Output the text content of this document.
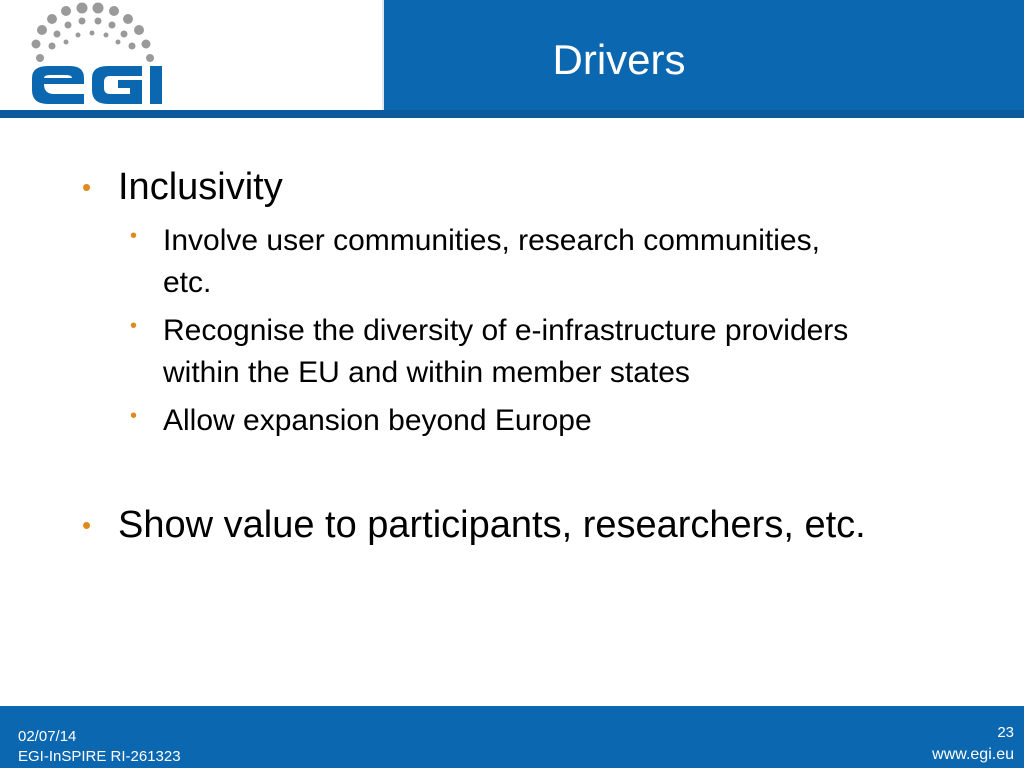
Drivers
• Inclusivity
• Involve user communities, research communities,
etc.
• Recognise the diversity of e-infrastructure providers
within the EU and within member states
• Allow expansion beyond Europe
• Show value to participants, researchers, etc.
02/07/14
EGI-InSPIRE RI-261323
23
www.egi.eu
